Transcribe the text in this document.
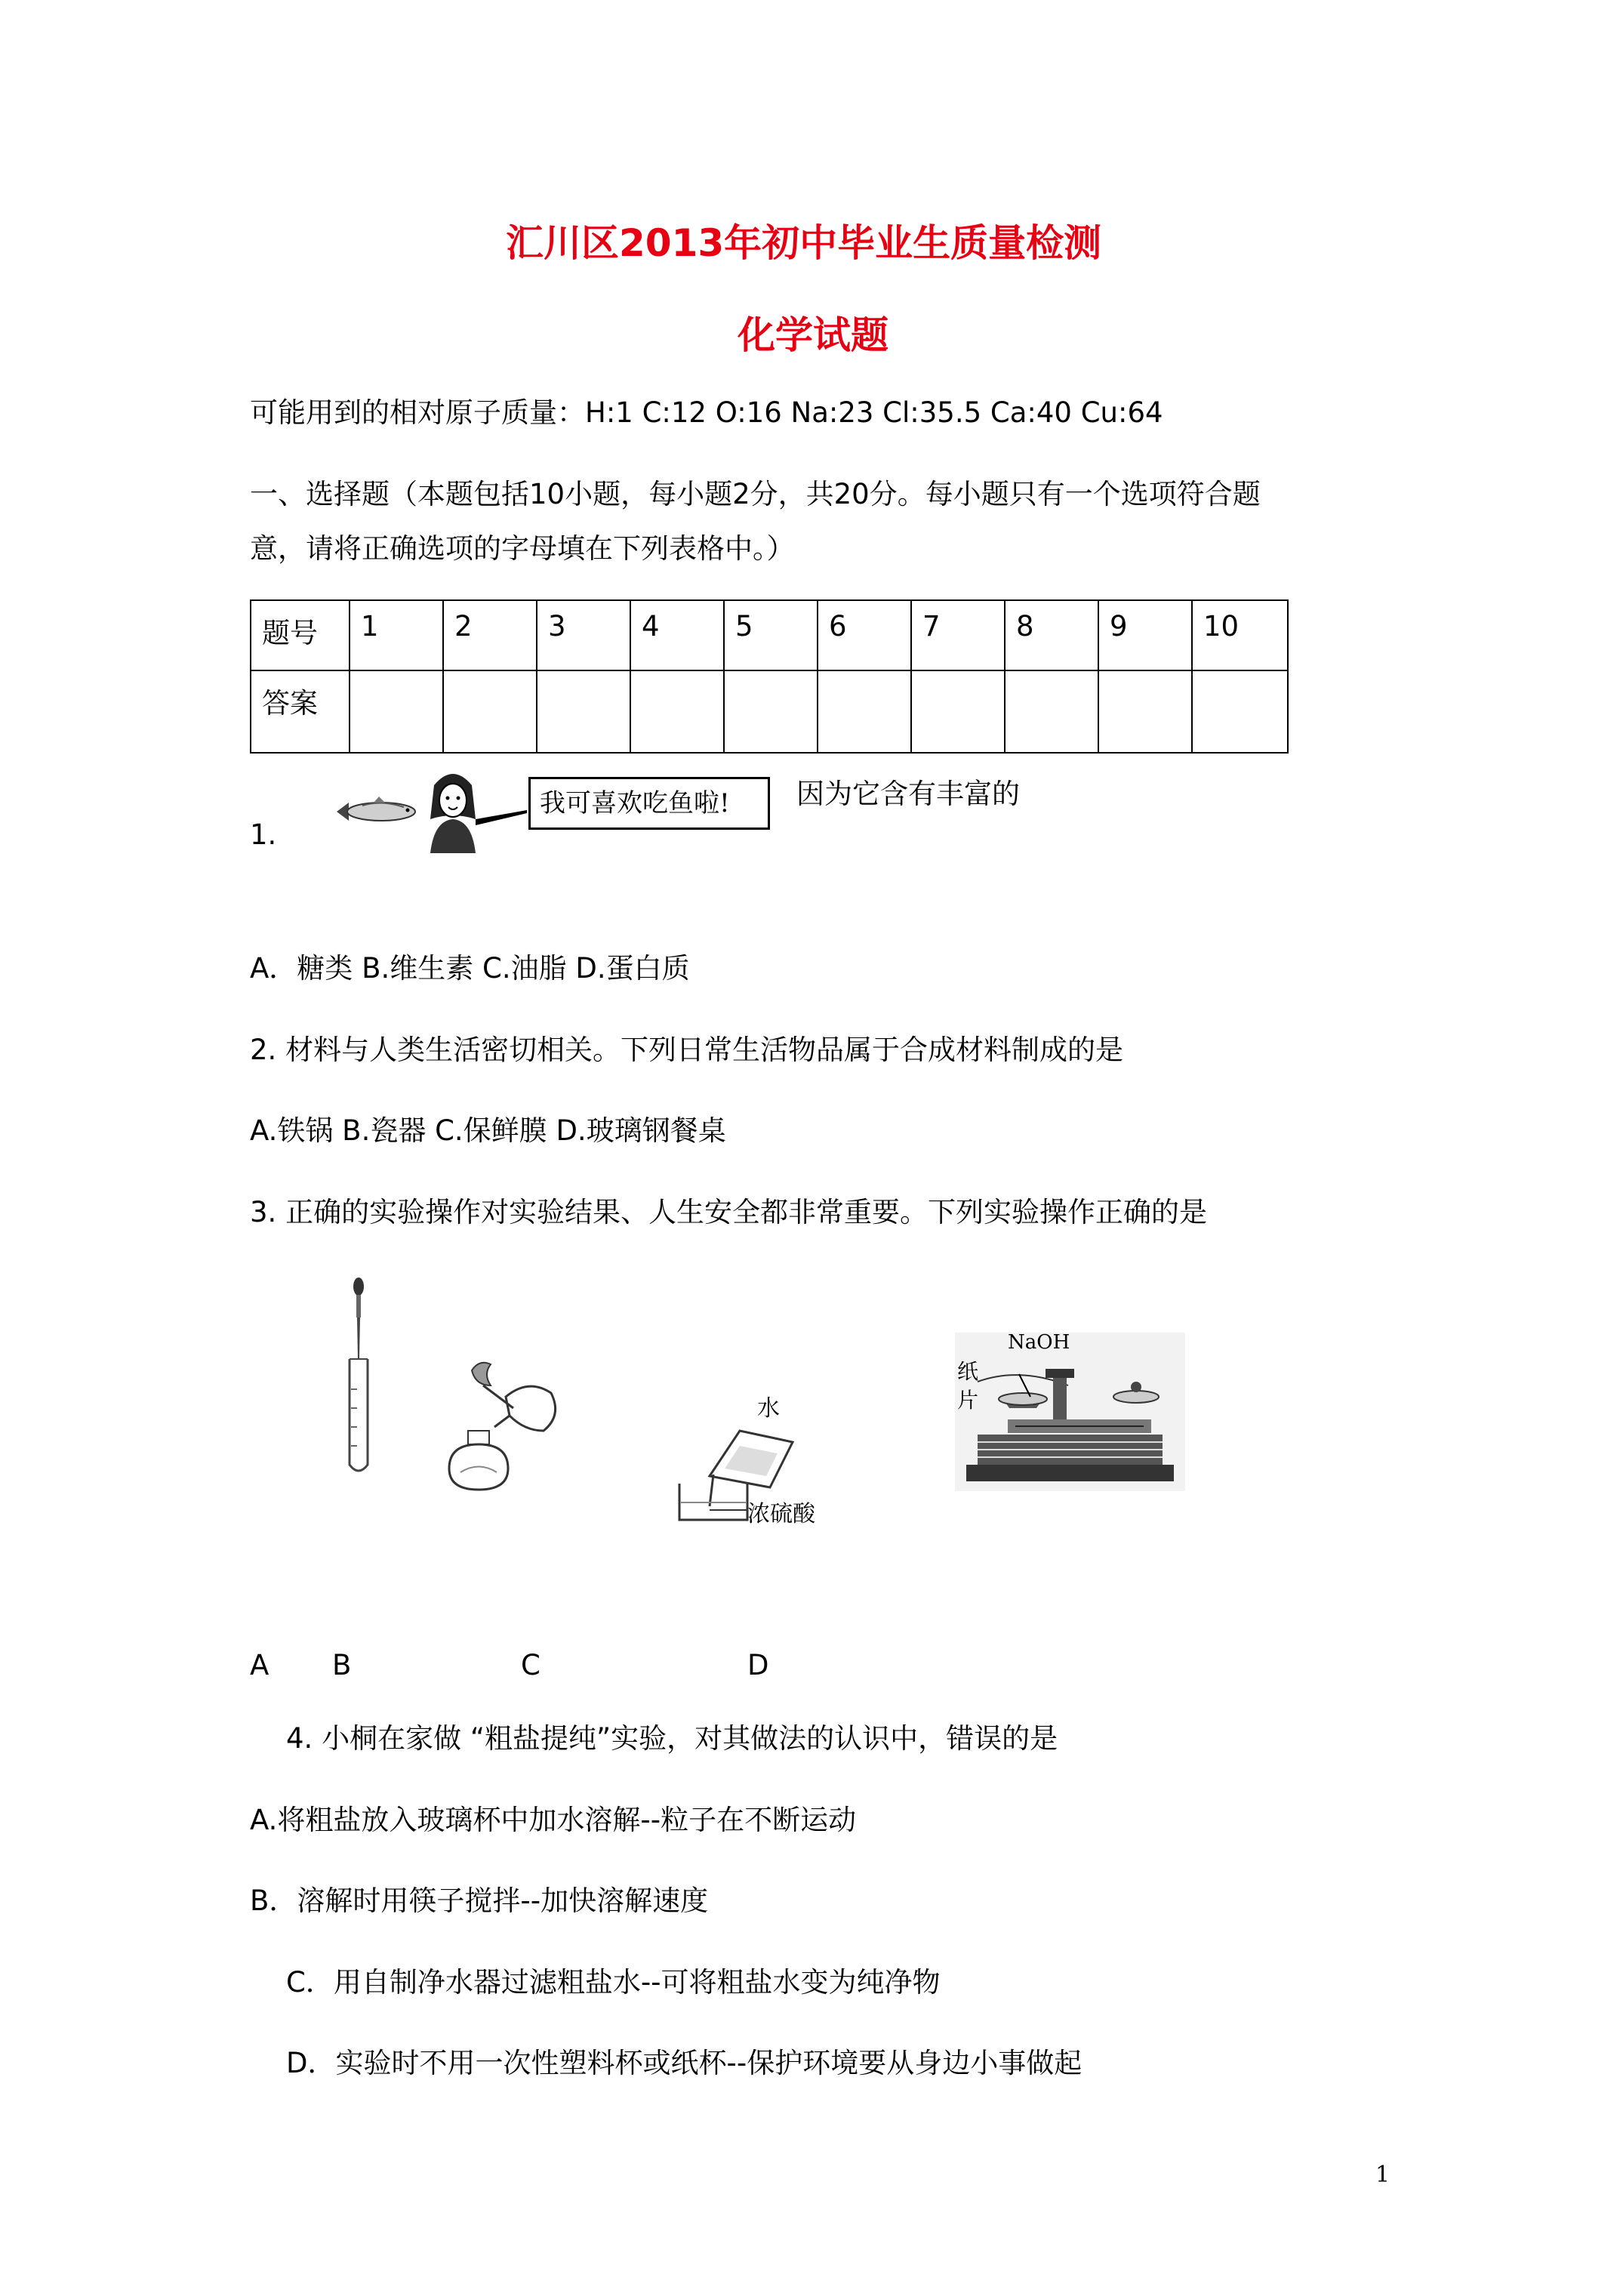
汇川区2013年初中毕业生质量检测
化学试题
可能用到的相对原子质量：H:1 C:12 O:16 Na:23 Cl:35.5 Ca:40 Cu:64
一、选择题（本题包括10小题，每小题2分，共20分。每小题只有一个选项符合题
意，请将正确选项的字母填在下列表格中。）
题号	1	2	3	4	5	6	7	8	9	10
答案										
我可喜欢吃鱼啦!	因为它含有丰富的
1.
A．糖类 B.维生素 C.油脂 D.蛋白质
2. 材料与人类生活密切相关。下列日常生活物品属于合成材料制成的是
A.铁锅 B.瓷器 C.保鲜膜 D.玻璃钢餐桌
3. 正确的实验操作对实验结果、人生安全都非常重要。下列实验操作正确的是
水
浓硫酸
NaOH
纸
片
A B	C	D
4. 小桐在家做 “粗盐提纯”实验，对其做法的认识中，错误的是
A.将粗盐放入玻璃杯中加水溶解--粒子在不断运动
B．溶解时用筷子搅拌--加快溶解速度
C．用自制净水器过滤粗盐水--可将粗盐水变为纯净物
D．实验时不用一次性塑料杯或纸杯--保护环境要从身边小事做起
1
